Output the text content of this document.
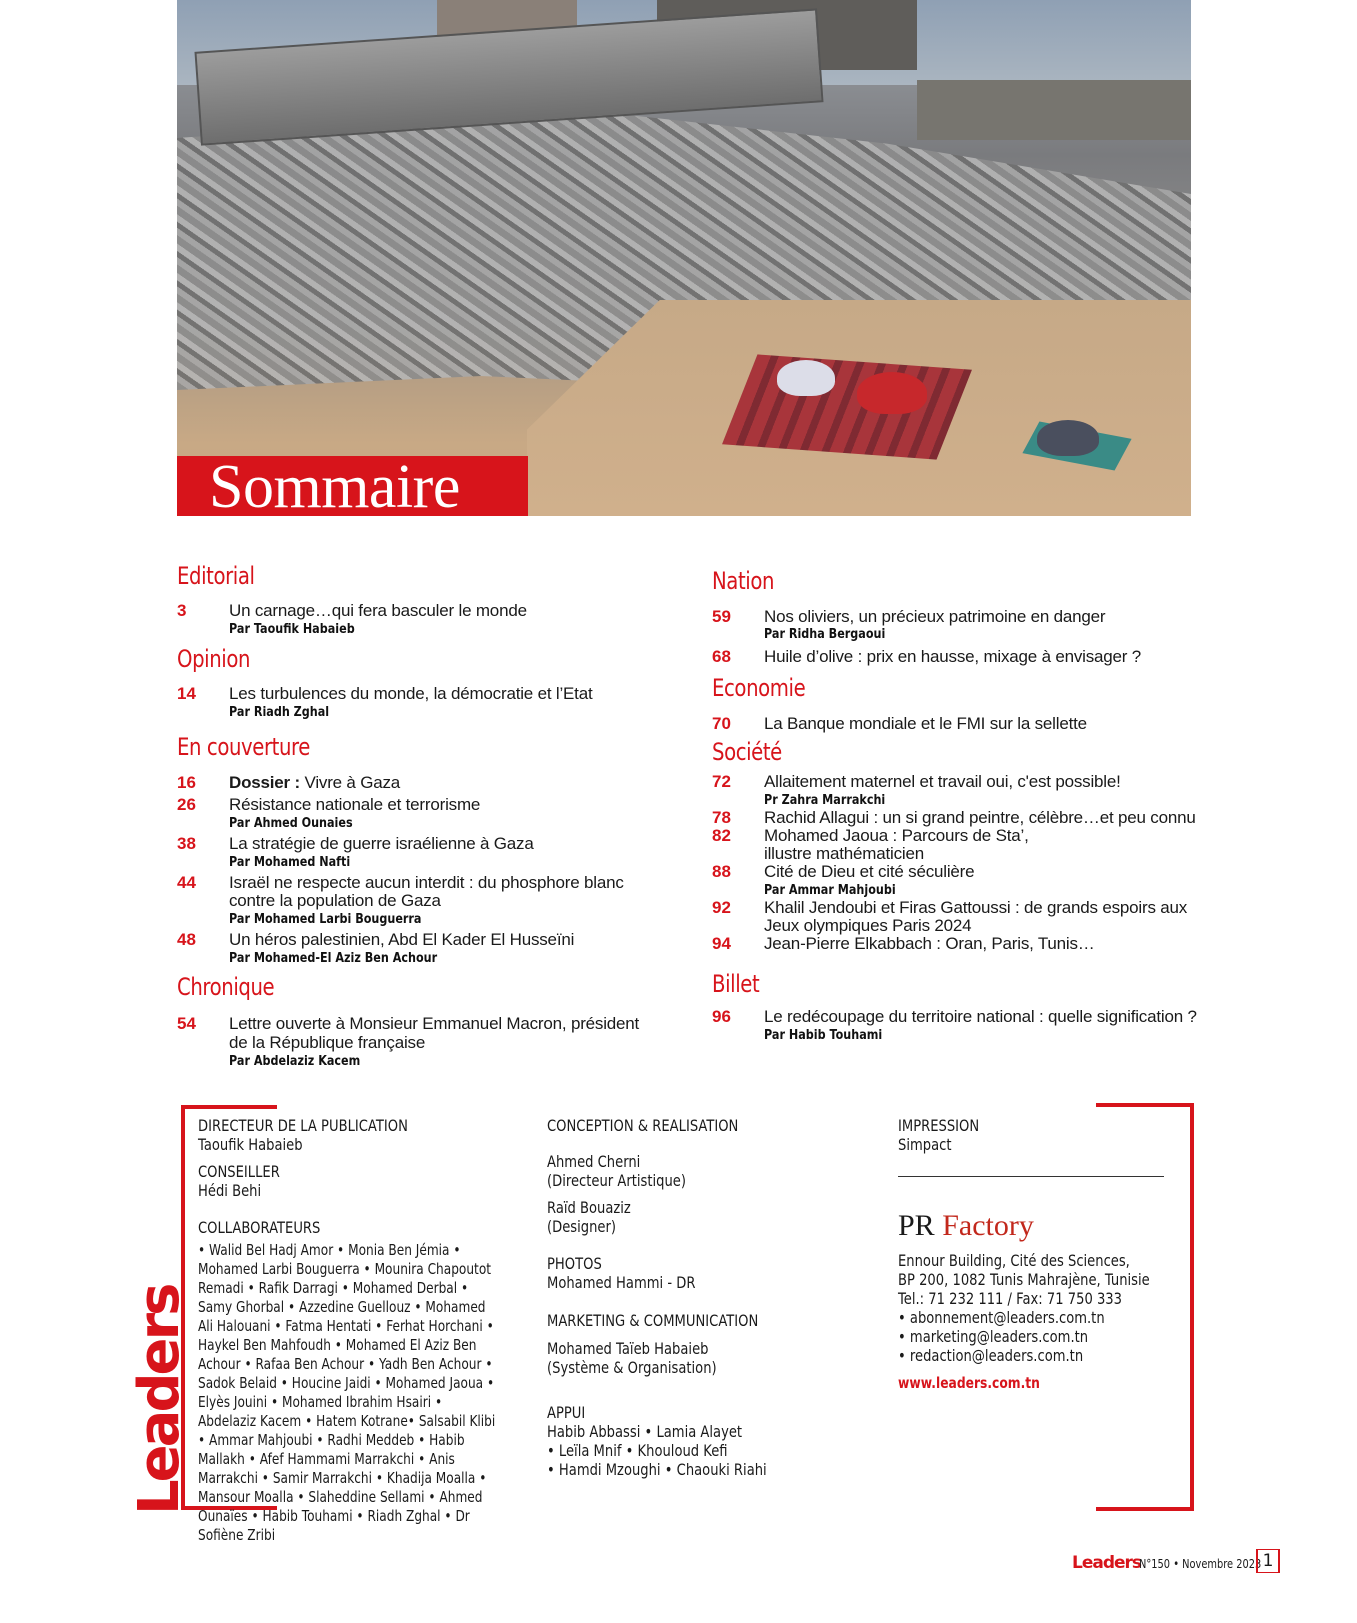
Sommaire
Editorial
3	Un carnage…qui fera basculer le monde
Par Taoufik Habaieb
Opinion
14 Les turbulences du monde, la démocratie et l’Etat
Par Riadh Zghal
En couverture
16 Dossier : Vivre à Gaza
26 Résistance nationale et terrorisme
Par Ahmed Ounaies
38 La stratégie de guerre israélienne à Gaza
Par Mohamed Nafti
44 Israël ne respecte aucun interdit : du phosphore blanc
contre la population de Gaza
Par Mohamed Larbi Bouguerra
48 Un héros palestinien, Abd El Kader El Husseïni
Par Mohamed-El Aziz Ben Achour
Chronique
54 Lettre ouverte à Monsieur Emmanuel Macron, président
de la République française
Par Abdelaziz Kacem
Nation
59 Nos oliviers, un précieux patrimoine en danger
Par Ridha Bergaoui
68 Huile d’olive : prix en hausse, mixage à envisager ?
Economie
70 La Banque mondiale et le FMI sur la sellette
Société
72 Allaitement maternel et travail oui, c'est possible!
Pr Zahra Marrakchi
78 Rachid Allagui : un si grand peintre, célèbre…et peu connu
82 Mohamed Jaoua : Parcours de Sta’,
illustre mathématicien
88 Cité de Dieu et cité séculière
Par Ammar Mahjoubi
92 Khalil Jendoubi et Firas Gattoussi : de grands espoirs aux
Jeux olympiques Paris 2024
94 Jean-Pierre Elkabbach : Oran, Paris, Tunis…
Billet
96 Le redécoupage du territoire national : quelle signification ?
Par Habib Touhami
Leaders
DIRECTEUR DE LA PUBLICATION
Taoufik Habaieb
CONSEILLER
Hédi Behi
COLLABORATEURS
• Walid Bel Hadj Amor • Monia Ben Jémia • Mohamed Larbi Bouguerra • Mounira Chapoutot Remadi • Rafik Darragi • Mohamed Derbal • Samy Ghorbal • Azzedine Guellouz • Mohamed Ali Halouani • Fatma Hentati • Ferhat Horchani • Haykel Ben Mahfoudh • Mohamed El Aziz Ben Achour • Rafaa Ben Achour • Yadh Ben Achour • Sadok Belaid • Houcine Jaidi • Mohamed Jaoua • Elyès Jouini • Mohamed Ibrahim Hsairi • Abdelaziz Kacem • Hatem Kotrane• Salsabil Klibi • Ammar Mahjoubi • Radhi Meddeb • Habib Mallakh • Afef Hammami Marrakchi • Anis Marrakchi • Samir Marrakchi • Khadija Moalla • Mansour Moalla • Slaheddine Sellami • Ahmed Ounaïes • Habib Touhami • Riadh Zghal • Dr Sofiène Zribi
CONCEPTION & REALISATION
Ahmed Cherni
(Directeur Artistique)
Raïd Bouaziz
(Designer)
PHOTOS
Mohamed Hammi - DR
MARKETING & COMMUNICATION
Mohamed Taïeb Habaieb
(Système & Organisation)
APPUI
Habib Abbassi • Lamia Alayet
• Leïla Mnif • Khouloud Kefi
• Hamdi Mzoughi • Chaouki Riahi
IMPRESSION
Simpact
PR Factory
Ennour Building, Cité des Sciences,
BP 200, 1082 Tunis Mahrajène, Tunisie
Tel.: 71 232 111 / Fax: 71 750 333
• abonnement@leaders.com.tn
• marketing@leaders.com.tn
• redaction@leaders.com.tn
www.leaders.com.tn
Leaders
N°150 • Novembre 2023 1
